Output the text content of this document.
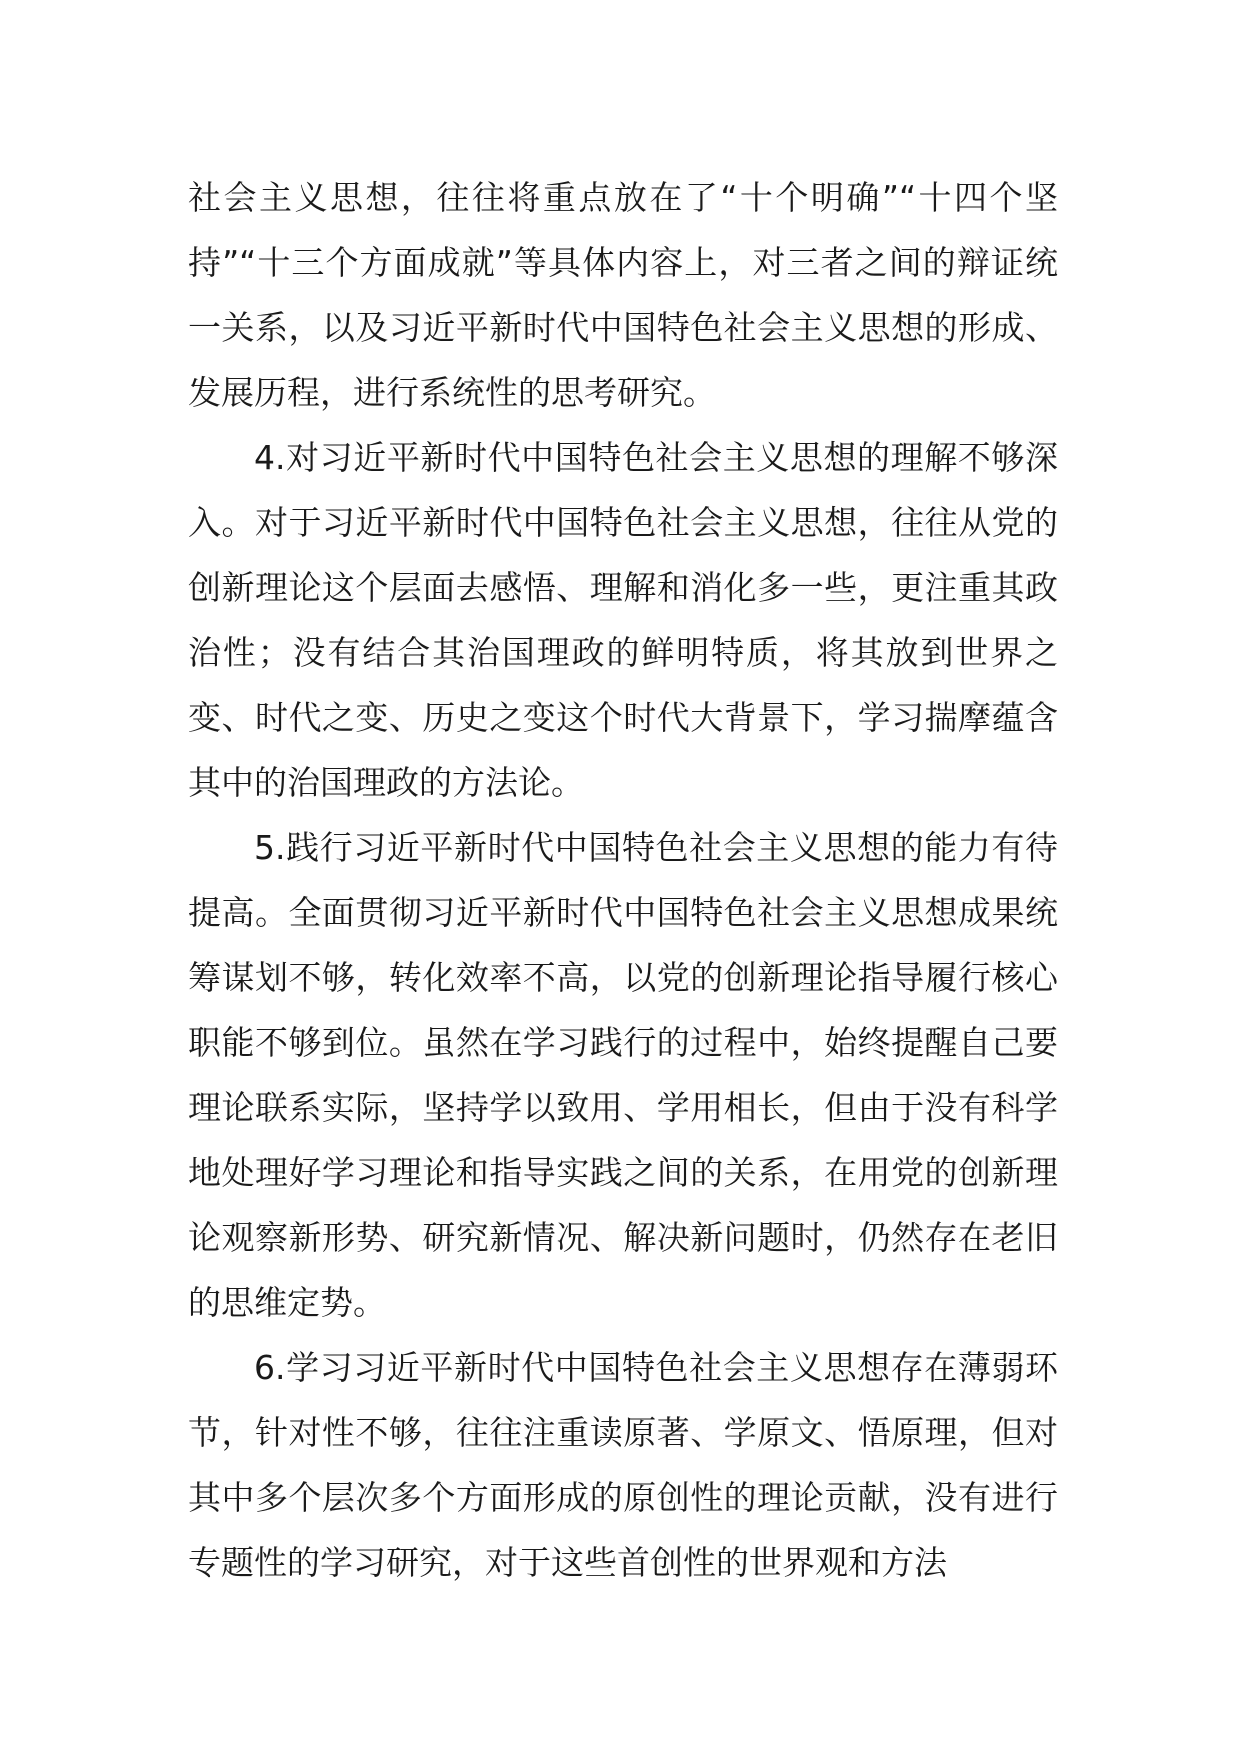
社会主义思想，往往将重点放在了“十个明确”“十四个坚持”“十三个方面成就”等具体内容上，对三者之间的辩证统一关系，以及习近平新时代中国特色社会主义思想的形成、发展历程，进行系统性的思考研究。

4.对习近平新时代中国特色社会主义思想的理解不够深入。对于习近平新时代中国特色社会主义思想，往往从党的创新理论这个层面去感悟、理解和消化多一些，更注重其政治性；没有结合其治国理政的鲜明特质，将其放到世界之变、时代之变、历史之变这个时代大背景下，学习揣摩蕴含其中的治国理政的方法论。

5.践行习近平新时代中国特色社会主义思想的能力有待提高。全面贯彻习近平新时代中国特色社会主义思想成果统筹谋划不够，转化效率不高，以党的创新理论指导履行核心职能不够到位。虽然在学习践行的过程中，始终提醒自己要理论联系实际，坚持学以致用、学用相长，但由于没有科学地处理好学习理论和指导实践之间的关系，在用党的创新理论观察新形势、研究新情况、解决新问题时，仍然存在老旧的思维定势。

6.学习习近平新时代中国特色社会主义思想存在薄弱环节，针对性不够，往往注重读原著、学原文、悟原理，但对其中多个层次多个方面形成的原创性的理论贡献，没有进行专题性的学习研究，对于这些首创性的世界观和方法
